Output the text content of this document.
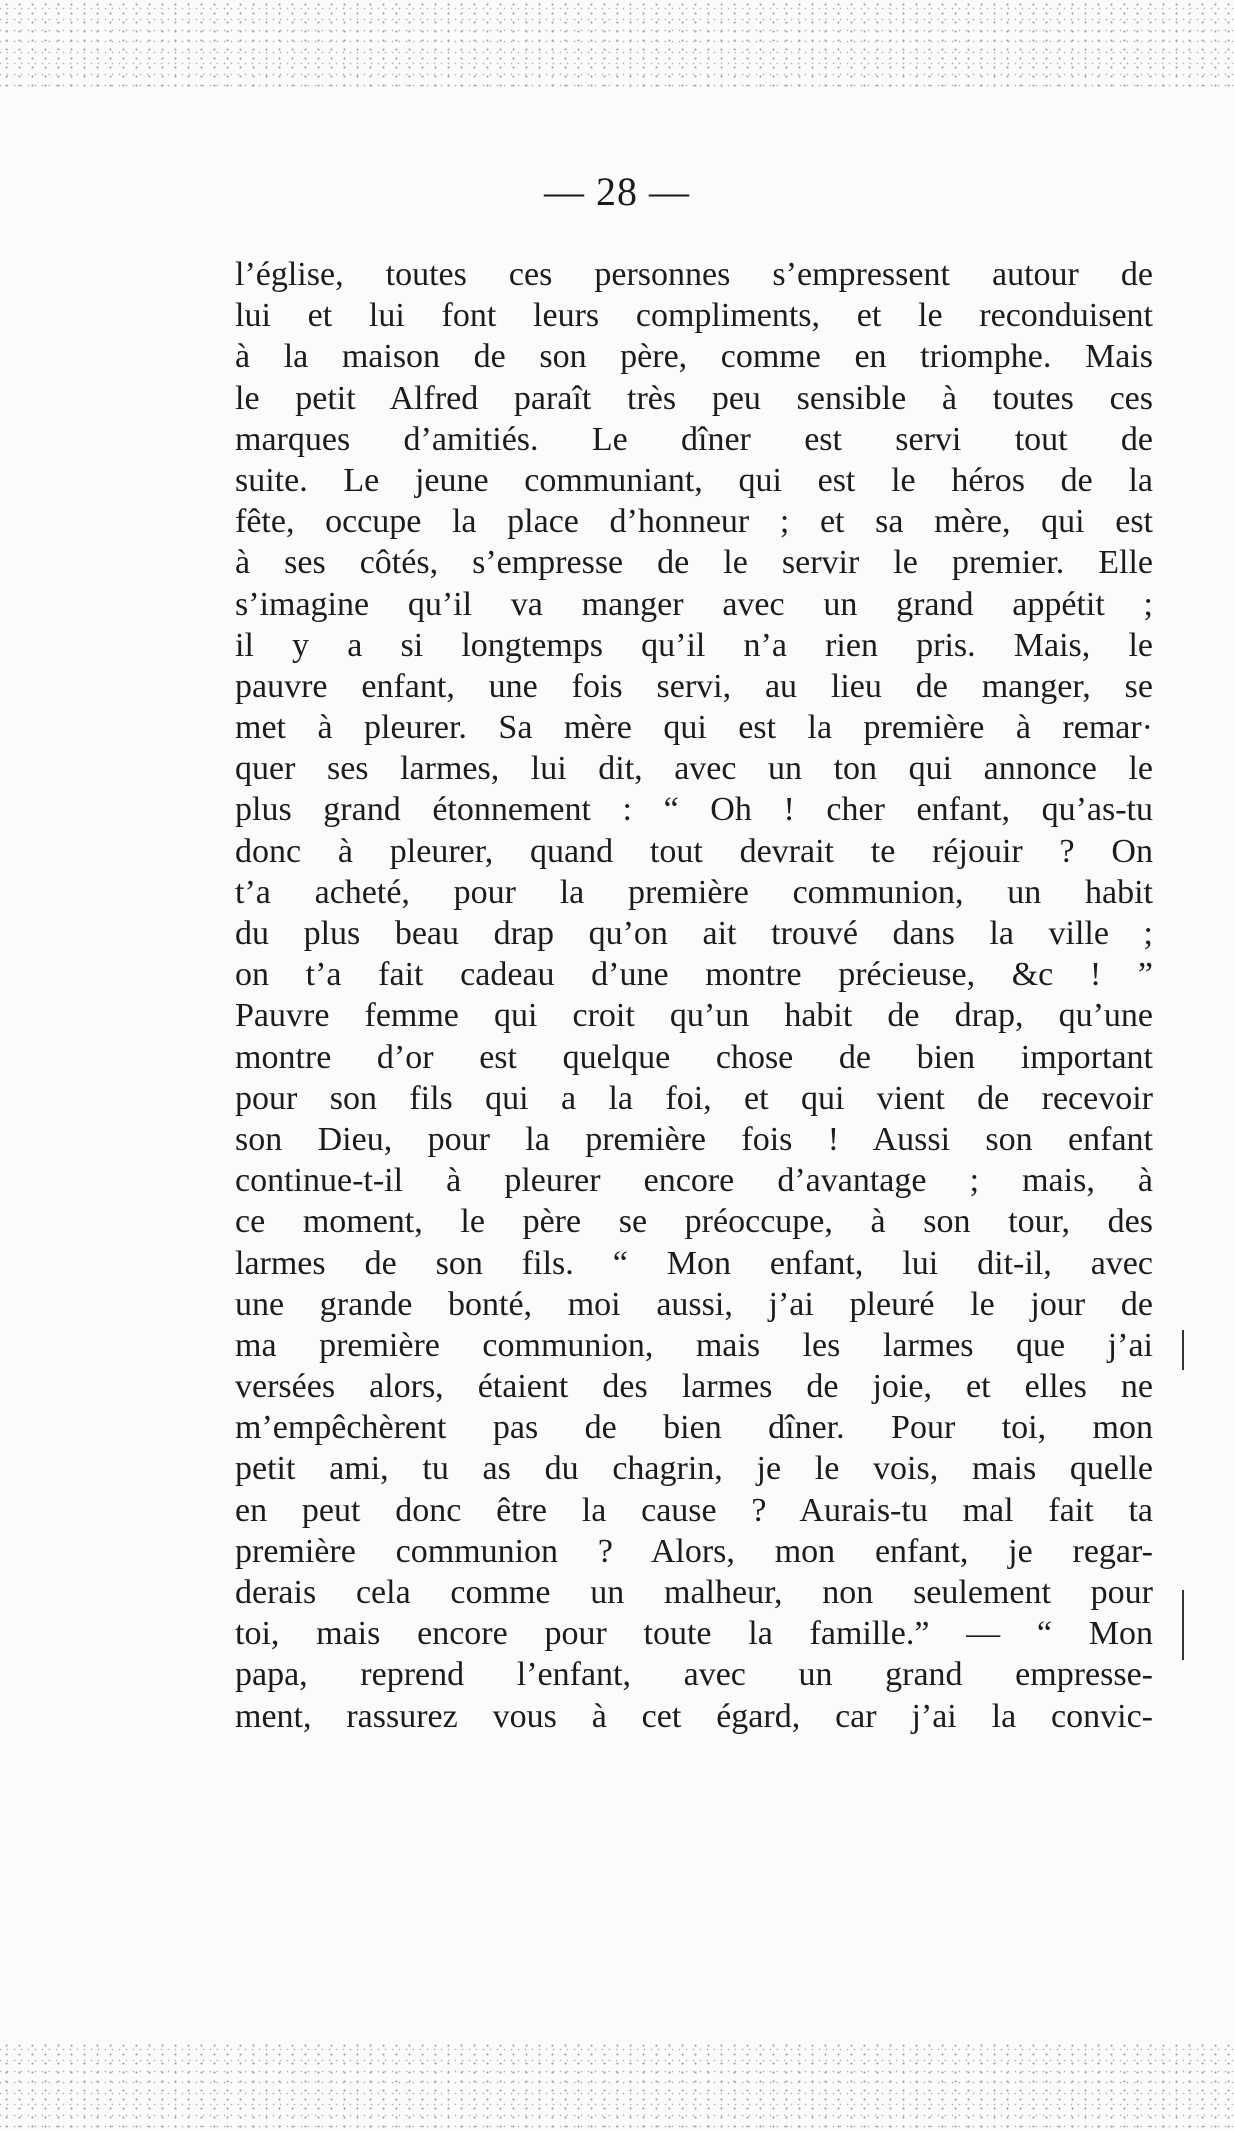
— 28 —
l’église, toutes ces personnes s’empressent autour de
lui et lui font leurs compliments, et le reconduisent
à la maison de son père, comme en triomphe. Mais
le petit Alfred paraît très peu sensible à toutes ces
marques d’amitiés. Le dîner est servi tout de
suite. Le jeune communiant, qui est le héros de la
fête, occupe la place d’honneur ; et sa mère, qui est
à ses côtés, s’empresse de le servir le premier. Elle
s’imagine qu’il va manger avec un grand appétit ;
il y a si longtemps qu’il n’a rien pris. Mais, le
pauvre enfant, une fois servi, au lieu de manger, se
met à pleurer. Sa mère qui est la première à remar·
quer ses larmes, lui dit, avec un ton qui annonce le
plus grand étonnement : “ Oh ! cher enfant, qu’as-tu
donc à pleurer, quand tout devrait te réjouir ? On
t’a acheté, pour la première communion, un habit
du plus beau drap qu’on ait trouvé dans la ville ;
on t’a fait cadeau d’une montre précieuse, &c ! ”
Pauvre femme qui croit qu’un habit de drap, qu’une
montre d’or est quelque chose de bien important
pour son fils qui a la foi, et qui vient de recevoir
son Dieu, pour la première fois ! Aussi son enfant
continue-t-il à pleurer encore d’avantage ; mais, à
ce moment, le père se préoccupe, à son tour, des
larmes de son fils. “ Mon enfant, lui dit-il, avec
une grande bonté, moi aussi, j’ai pleuré le jour de
ma première communion, mais les larmes que j’ai
versées alors, étaient des larmes de joie, et elles ne
m’empêchèrent pas de bien dîner. Pour toi, mon
petit ami, tu as du chagrin, je le vois, mais quelle
en peut donc être la cause ? Aurais-tu mal fait ta
première communion ? Alors, mon enfant, je regar-
derais cela comme un malheur, non seulement pour
toi, mais encore pour toute la famille.” — “ Mon
papa, reprend l’enfant, avec un grand empresse-
ment, rassurez vous à cet égard, car j’ai la convic-
